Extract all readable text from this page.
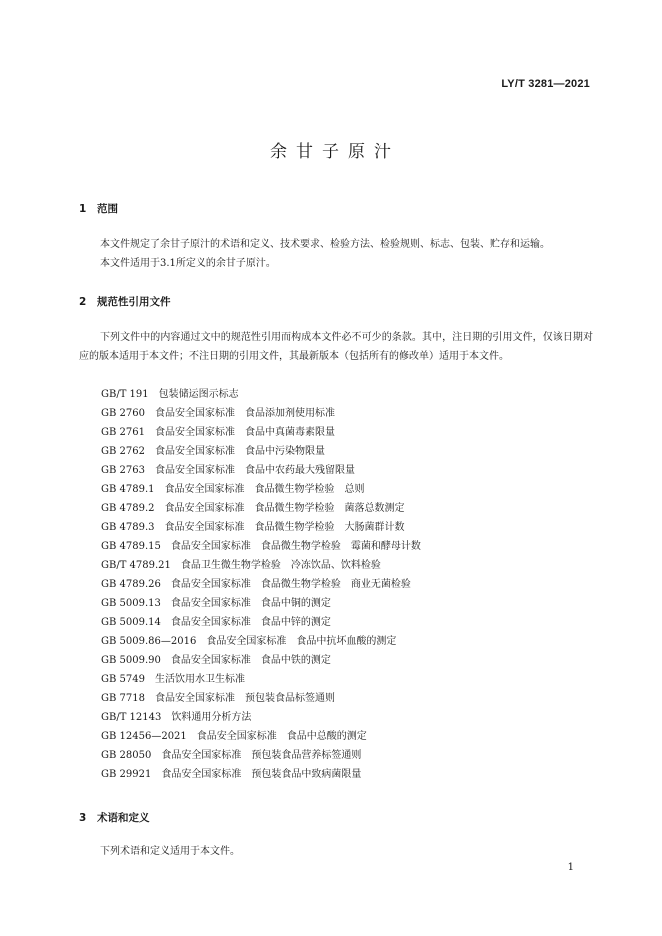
LY/T 3281—2021
余甘子原汁
1 范围

本文件规定了余甘子原汁的术语和定义、技术要求、检验方法、检验规则、标志、包装、贮存和运输。

本文件适用于3.1所定义的余甘子原汁。

2 规范性引用文件

下列文件中的内容通过文中的规范性引用而构成本文件必不可少的条款。其中，注日期的引用文件，仅该日期对应的版本适用于本文件；不注日期的引用文件，其最新版本（包括所有的修改单）适用于本文件。

GB/T 191 包装储运图示标志
GB 2760 食品安全国家标准　食品添加剂使用标准
GB 2761 食品安全国家标准　食品中真菌毒素限量
GB 2762 食品安全国家标准　食品中污染物限量
GB 2763 食品安全国家标准　食品中农药最大残留限量
GB 4789.1 食品安全国家标准　食品微生物学检验　总则
GB 4789.2 食品安全国家标准　食品微生物学检验　菌落总数测定
GB 4789.3 食品安全国家标准　食品微生物学检验　大肠菌群计数
GB 4789.15 食品安全国家标准　食品微生物学检验　霉菌和酵母计数
GB/T 4789.21 食品卫生微生物学检验　冷冻饮品、饮料检验
GB 4789.26 食品安全国家标准　食品微生物学检验　商业无菌检验
GB 5009.13 食品安全国家标准　食品中铜的测定
GB 5009.14 食品安全国家标准　食品中锌的测定
GB 5009.86—2016 食品安全国家标准　食品中抗坏血酸的测定
GB 5009.90 食品安全国家标准　食品中铁的测定
GB 5749 生活饮用水卫生标准
GB 7718 食品安全国家标准　预包装食品标签通则
GB/T 12143 饮料通用分析方法
GB 12456—2021 食品安全国家标准　食品中总酸的测定
GB 28050 食品安全国家标准　预包装食品营养标签通则
GB 29921 食品安全国家标准　预包装食品中致病菌限量
3 术语和定义

下列术语和定义适用于本文件。

1
